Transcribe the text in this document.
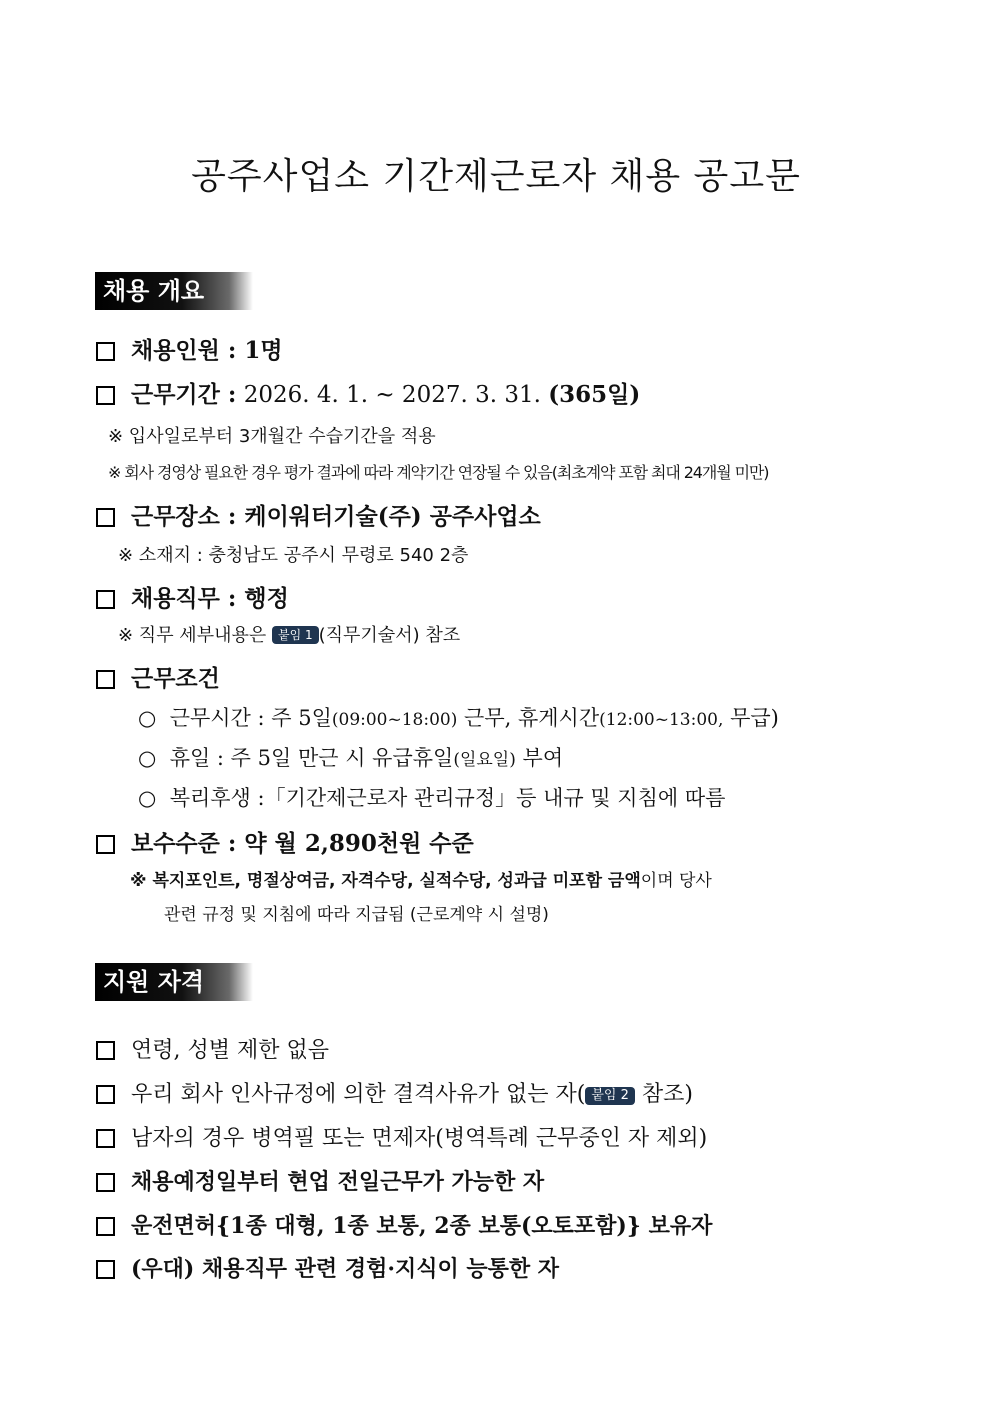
공주사업소 기간제근로자 채용 공고문
채용 개요
채용인원 : 1명
근무기간 : 2026. 4. 1. ~ 2027. 3. 31. (365일)
※ 입사일로부터 3개월간 수습기간을 적용
※ 회사 경영상 필요한 경우 평가 결과에 따라 계약기간 연장될 수 있음(최초계약 포함 최대 24개월 미만)
근무장소 : 케이워터기술(주) 공주사업소
※ 소재지 : 충청남도 공주시 무령로 540 2층
채용직무 : 행정
※ 직무 세부내용은 붙임 1 (직무기술서) 참조
근무조건
○ 근무시간 : 주 5일(09:00~18:00) 근무, 휴게시간(12:00~13:00, 무급)
○ 휴일 : 주 5일 만근 시 유급휴일(일요일) 부여
○ 복리후생 :「기간제근로자 관리규정」등 내규 및 지침에 따름
보수수준 : 약 월 2,890천원 수준
※ 복지포인트, 명절상여금, 자격수당, 실적수당, 성과급 미포함 금액이며 당사
관련 규정 및 지침에 따라 지급됨 (근로계약 시 설명)
지원 자격
연령, 성별 제한 없음
우리 회사 인사규정에 의한 결격사유가 없는 자( 붙임 2 참조)
남자의 경우 병역필 또는 면제자(병역특례 근무중인 자 제외)
채용예정일부터 현업 전일근무가 가능한 자
운전면허{1종 대형, 1종 보통, 2종 보통(오토포함)} 보유자
(우대) 채용직무 관련 경험·지식이 능통한 자
